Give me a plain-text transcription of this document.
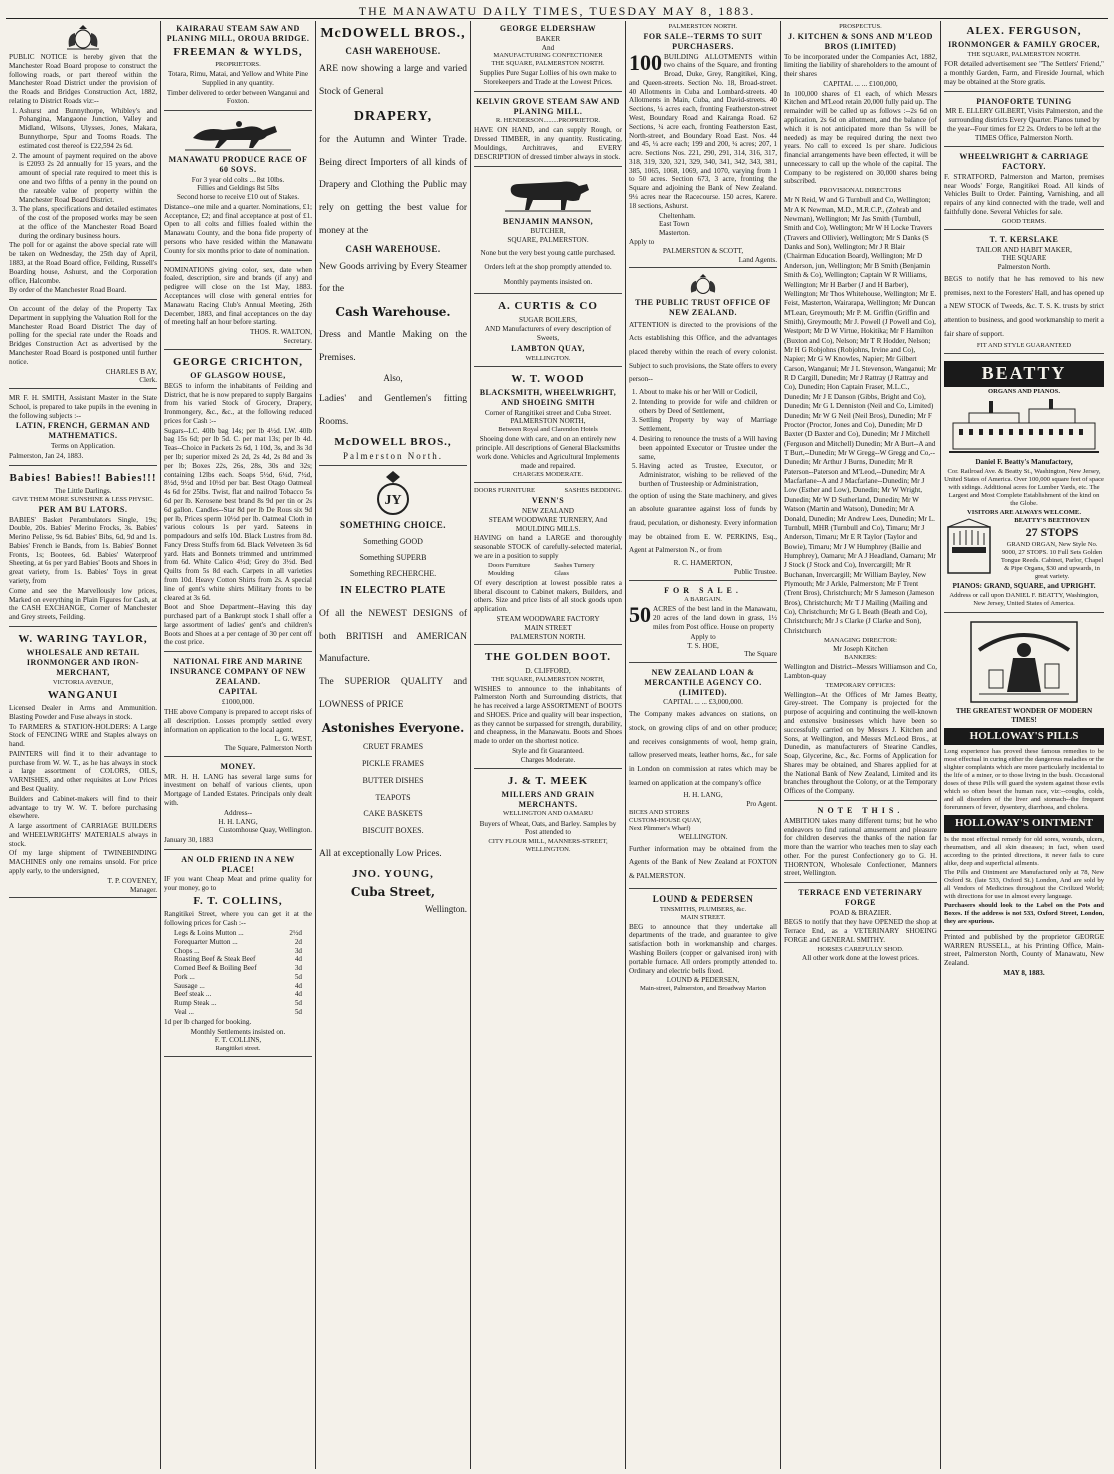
THE MANAWATU DAILY TIMES, TUESDAY MAY 8, 1883.

PUBLIC NOTICE is hereby given that the Manchester Road Board propose to construct the following roads, or part thereof within the Manchester Road District under the provision of the Roads and Bridges Construction Act, 1882, relating to District Roads viz:--

1. Ashurst and Bunnythorpe, Whibley's and Pohangina, Mangaone Junction, Valley and Midland, Wilsons, Ulysses, Jones, Makara, Bunnythorpe, Spur and Tooms Roads. The estimated cost thereof is £22,594 2s 6d.
2. The amount of payment required on the above is £2093 2s 2d annually for 15 years, and the amount of special rate required to meet this is one and two fifths of a penny in the pound on the rateable value of property within the Manchester Road Board District.
3. The plans, specifications and detailed estimates of the cost of the proposed works may be seen at the office of the Manchester Road Board during the ordinary business hours.

The poll for or against the above special rate will be taken on Wednesday, the 25th day of April, 1883, at the Road Board office, Feilding, Russell's Boarding house, Ashurst, and the Corporation office, Halcombe.

By order of the Manchester Road Board.

On account of the delay of the Property Tax Department in supplying the Valuation Roll for the Manchester Road Board District The day of polling for the special rate under the Roads and Bridges Construction Act as advertised by the Manchester Road Board is postponed until further notice.

CHARLES B AY,
Clerk.

MR F. H. SMITH, Assistant Master in the State School, is prepared to take pupils in the evening in the following subjects :--

LATIN, FRENCH, GERMAN AND MATHEMATICS.
Terms on Application.
Palmerston, Jan 24, 1883.
Babies! Babies!! Babies!!!
The Little Darlings.
GIVE THEM MORE SUNSHINE & LESS PHYSIC.
PER AM BU LATORS.

BABIES' Basket Perambulators Single, 19s; Double, 20s. Babies' Merino Frocks, 3s. Babies' Merino Pelisse, 9s 6d. Babies' Bibs, 6d, 9d and 1s. Babies' French ie Bands, from 1s. Babies' Bonnet Fronts, 1s; Bootees, 6d. Babies' Waterproof Sheeting, at 6s per yard Babies' Boots and Shoes in great variety, from 1s. Babies' Toys in great variety, from

Come and see the Marvellously low prices, Marked on everything in Plain Figures for Cash, at the CASH EXCHANGE, Corner of Manchester and Grey streets, Feilding.

W. WARING TAYLOR,
WHOLESALE AND RETAIL IRONMONGER AND IRON-MERCHANT,
VICTORIA AVENUE,
WANGANUI

Licensed Dealer in Arms and Ammunition. Blasting Powder and Fuse always in stock.

To FARMERS & STATION-HOLDERS: A Large Stock of FENCING WIRE and Staples always on hand.

PAINTERS will find it to their advantage to purchase from W. W. T., as he has always in stock a large assortment of COLORS, OILS, VARNISHES, and other requisites at Low Prices and Best Quality.

Builders and Cabinet-makers will find to their advantage to try W. W. T. before purchasing elsewhere.

A large assortment of CARRIAGE BUILDERS and WHEELWRIGHTS' MATERIALS always in stock.

Of my large shipment of TWINEBINDING MACHINES only one remains unsold. For price apply early, to the undersigned,

T. P. COVENEY,
Manager.
KAIRARAU STEAM SAW AND PLANING MILL, OROUA BRIDGE.
FREEMAN & WYLDS,
PROPRIETORS.

Totara, Rimu, Matai, and Yellow and White Pine Supplied in any quantity.

Timber delivered to order between Wanganui and Foxton.

MANAWATU PRODUCE RACE OF 60 SOVS.
For 3 year old colts ... 8st 10lbs.
Fillies and Geldings 8st 5lbs
Second horse to receive £10 out of Stakes.

Distance--one mile and a quarter. Nominations, £1; Acceptance, £2; and final acceptance at post of £1. Open to all colts and fillies foaled within the Manawatu County, and the bona fide property of persons who have resided within the Manawatu County for six months prior to date of nomination.

NOMINATIONS giving color, sex, date when foaled, description, sire and brands (if any) and pedigree will close on the 1st May, 1883. Acceptances will close with general entries for Manawatu Racing Club's Annual Meeting, 26th December, 1883, and final acceptances on the day of meeting half an hour before starting.

THOS. R. WALTON,
Secretary.
GEORGE CRICHTON,
OF GLASGOW HOUSE,

BEGS to inform the inhabitants of Feilding and District, that he is now prepared to supply Bargains from his varied Stock of Grocery, Drapery, Ironmongery, &c., &c., at the following reduced prices for Cash :--

Sugars--LC. 40lb bag 14s; per lb 4½d. LW. 40lb bag 15s 6d; per lb 5d. C. per mat 13s; per lb 4d. Teas--Choice in Packets 2s 6d, 1 10d, 3s, and 3s 3d per lb; superior mixed 2s 2d, 2s 4d, 2s 8d and 3s per lb; Boxes 22s, 26s, 28s, 30s and 32s; containing 12lbs each. Soaps 5½d, 6¼d, 7½d, 8½d, 9½d and 10½d per bar. Best Otago Oatmeal 4s 6d for 25lbs. Twist, flat and nailrod Tobacco 5s 6d per lb. Kerosene best brand 8s 9d per tin or 2s 6d gallon. Candles--Star 8d per lb De Rous six 9d per lb, Prices sperm 10½d per lb. Oatmeal Cloth in various colours 1s per yard. Sateens in pompadours and selfs 10d. Black Lustres from 8d. Fancy Dress Stuffs from 6d. Black Velveteen 3s 6d yard. Hats and Bonnets trimmed and untrimmed from 6d. White Calico 4½d; Grey do 3½d. Bed Quilts from 5s 8d each. Carpets in all varieties from 10d. Heavy Cotton Shirts from 2s. A special line of gent's white shirts Military fronts to be cleared at 3s 6d.

Boot and Shoe Department--Having this day purchased part of a Bankrupt stock I shall offer a large assortment of ladies' gent's and children's Boots and Shoes at a per centage of 30 per cent off the cost price.

NATIONAL FIRE AND MARINE INSURANCE COMPANY OF NEW ZEALAND.
CAPITAL
£1000,000.

THE above Company is prepared to accept risks of all description. Losses promptly settled every information on application to the local agent.

L. G. WEST,
The Square, Palmerston North
MONEY.

MR. H. H. LANG has several large sums for investment on behalf of various clients, upon Mortgage of Landed Estates. Principals only dealt with.

Address--
H. H. LANG,
Customhouse Quay, Wellington.
January 30, 1883
AN OLD FRIEND IN A NEW PLACE!

IF you want Cheap Meat and prime quality for your money, go to

F. T. COLLINS,

Rangitikei Street, where you can get it at the following prices for Cash :--

Legs & Loins Mutton ...	2½d
Forequarter Mutton ...	2d
Chops ...	3d
Roasting Beef & Steak Beef	4d
Corned Beef & Boiling Beef	3d
Pork ...	5d
Sausage ...	4d
Beef steak ...	4d
Rump Steak ...	5d
Veal ...	5d
1d per lb charged for booking.
Monthly Settlements insisted on.
F. T. COLLINS,
Rangitikei street.
McDOWELL BROS.,
CASH WAREHOUSE.

ARE now showing a large and varied Stock of General

DRAPERY,

for the Autumn and Winter Trade. Being direct Importers of all kinds of Drapery and Clothing the Public may rely on getting the best value for money at the

CASH WAREHOUSE.

New Goods arriving by Every Steamer for the

Cash Warehouse.

Dress and Mantle Making on the Premises.

Also,

Ladies' and Gentlemen's fitting Rooms.

McDOWELL BROS.,
Palmerston North.
JY
SOMETHING CHOICE.
Something GOOD
Something SUPERB
Something RECHERCHE.
IN ELECTRO PLATE

Of all the NEWEST DESIGNS of both BRITISH and AMERICAN Manufacture.

The SUPERIOR QUALITY and LOWNESS of PRICE

Astonishes Everyone.
CRUET FRAMES
PICKLE FRAMES
BUTTER DISHES
TEAPOTS
CAKE BASKETS
BISCUIT BOXES.

All at exceptionally Low Prices.

JNO. YOUNG,
Cuba Street,
Wellington.
GEORGE ELDERSHAW
BAKER
And
MANUFACTURING CONFECTIONER
THE SQUARE, PALMERSTON NORTH.

Supplies Pure Sugar Lollies of his own make to Storekeepers and Trade at the Lowest Prices.

KELVIN GROVE STEAM SAW AND PLANING MILL.
R. HENDERSON.........PROPRIETOR.

HAVE ON HAND, and can supply Rough, or Dressed TIMBER, in any quantity. Rusticating, Mouldings, Architraves, and EVERY DESCRIPTION of dressed timber always in stock.

BENJAMIN MANSON,
BUTCHER,
SQUARE, PALMERSTON.

None but the very best young cattle purchased. Orders left at the shop promptly attended to. Monthly payments insisted on.

A. CURTIS & CO
SUGAR BOILERS,

AND Manufacturers of every description of Sweets,

LAMBTON QUAY,
WELLINGTON.
W. T. WOOD
BLACKSMITH, WHEELWRIGHT, AND SHOEING SMITH
Corner of Rangitikei street and Cuba Street.
PALMERSTON NORTH,
Between Royal and Clarendon Hotels

Shoeing done with care, and on an entirely new principle. All descriptions of General Blacksmiths work done. Vehicles and Agricultural Implements made and repaired.

CHARGES MODERATE.
DOORS FURNITURE	SASHES BEDDING.
VENN'S
NEW ZEALAND
STEAM WOODWARE TURNERY, And MOULDING MILLS.

HAVING on hand a LARGE and thoroughly seasonable STOCK of carefully-selected material, we are in a position to supply

Doors Furniture Moulding
Sashes Turnery Glass

Of every description at lowest possible rates a liberal discount to Cabinet makers, Builders, and others. Size and price lists of all stock goods upon application.

STEAM WOODWARE FACTORY
MAIN STREET
PALMERSTON NORTH.
THE GOLDEN BOOT.
D. CLIFFORD,
THE SQUARE, PALMERSTON NORTH,

WISHES to announce to the inhabitants of Palmerston North and Surrounding districts, that he has received a large ASSORTMENT of BOOTS and SHOES. Price and quality will bear inspection, as they cannot be surpassed for strength, durability, and cheapness, in the Manawatu. Boots and Shoes made to order on the shortest notice.

Style and fit Guaranteed.
Charges Moderate.
J. & T. MEEK
MILLERS AND GRAIN MERCHANTS.
WELLINGTON AND OAMARU

Buyers of Wheat, Oats, and Barley. Samples by Post attended to

CITY FLOUR MILL, MANNERS-STREET, WELLINGTON.
PALMERSTON NORTH.
FOR SALE--TERMS TO SUIT PURCHASERS.
100 BUILDING ALLOTMENTS within two chains of the Square, and fronting Broad, Duke, Grey, Rangitikei, King, and Queen-streets. Section No. 18, Broad-street. 40 Allotments in Cuba and Lombard-streets. 40 Allotments in Main, Cuba, and David-streets. 40 Sections, ¼ acres each, fronting Featherston-street West, Boundary Road and Kairanga Road. 62 Sections, ¼ acre each, fronting Featherston East, North-street, and Boundary Road East. Nos. 44 and 45, ¼ acre each; 199 and 200, ¼ acres; 207, 1 acre. Sections Nos. 221, 290, 291, 314, 316, 317, 318, 319, 320, 321, 329, 340, 341, 342, 343, 381, 385, 1065, 1068, 1069, and 1070, varying from 1 to 50 acres. Section 673, 3 acre, fronting the Square and adjoining the Bank of New Zealand. 9¼ acres near the Racecourse. 150 acres, Karere. 18 sections, Ashurst.

Cheltenham.
East Town
Masterton.
Apply to
PALMERSTON & SCOTT,
Land Agents.
THE PUBLIC TRUST OFFICE OF NEW ZEALAND.

ATTENTION is directed to the provisions of the Acts establishing this Office, and the advantages placed thereby within the reach of every colonist. Subject to such provisions, the State offers to every person--

1. About to make his or her Will or Codicil,
2. Intending to provide for wife and children or others by Deed of Settlement,
3. Settling Property by way of Marriage Settlement,
4. Desiring to renounce the trusts of a Will having been appointed Executor or Trustee under the same,
5. Having acted as Trustee, Executor, or Administrator, wishing to be relieved of the burthen of Trusteeship or Administration,

the option of using the State machinery, and gives an absolute guarantee against loss of funds by fraud, peculation, or dishonesty. Every information may be obtained from E. W. PERKINS, Esq., Agent at Palmerston N., or from

R. C. HAMERTON,
Public Trustee.
FOR SALE.
A BARGAIN.
50 ACRES of the best land in the Manawatu, 20 acres of the land down in grass, 1½ miles from Post office. House on property

Apply to
T. S. HOE,
The Square
NEW ZEALAND LOAN & MERCANTILE AGENCY CO. (LIMITED).
CAPITAL ... ... £3,000,000.

The Company makes advances on stations, on stock, on growing clips of and on other produce; and receives consignments of wool, hemp grain, tallow preserved meats, leather horns, &c., for sale in London on commission at rates which may be learned on application at the company's office

H. H. LANG,
Pro Agent.
BICES AND STORES
CUSTOM-HOUSE QUAY,
Next Plimmer's Wharf)
WELLINGTON.

Further information may be obtained from the Agents of the Bank of New Zealand at FOXTON & PALMERSTON.

LOUND & PEDERSEN
TINSMITHS, PLUMBERS, &c.
MAIN STREET.

BEG to announce that they undertake all departments of the trade, and guarantee to give satisfaction both in workmanship and charges. Washing Boilers (copper or galvanised iron) with portable furnace. All orders promptly attended to. Ordinary and electric bells fixed.

LOUND & PEDERSEN,
Main-street, Palmerston, and Broadway Marton
PROSPECTUS.
J. KITCHEN & SONS AND M'LEOD BROS (LIMITED)

To be incorporated under the Companies Act, 1882, limiting the liability of shareholders to the amount of their shares

CAPITAL ... ... £100,000,

In 100,000 shares of £1 each, of which Messrs Kitchen and M'Leod retain 20,000 fully paid up. The remainder will be called up as follows :--2s 6d on application, 2s 6d on allotment, and the balance (of which it is not anticipated more than 5s will be needed) as may be required during the next two years. No call to exceed 1s per share. Judicious financial arrangements have been effected, it will be unnecessary to call up the whole of the capital. The Company to be registered on 30,000 shares being subscribed.

PROVISIONAL DIRECTORS

Mr N Reid, W and G Turnbull and Co, Wellington; Mr A K Newman, M.D., M.R.C.P., (Zohrab and Newman), Wellington; Mr Jas Smith (Turnbull, Smith and Co), Wellington; Mr W H Locke Travers (Travers and Ollivier), Wellington; Mr S Danks (S Danks and Son), Wellington; Mr J R Blair (Chairman Education Board), Wellington; Mr D Anderson, jun, Wellington; Mr B Smith (Benjamin Smith & Co), Wellington; Captain W R Williams, Wellington; Mr H Barber (J and H Barber), Wellington; Mr Thos Whitehouse, Wellington; Mr E. Feist, Masterton, Wairarapa, Wellington; Mr Duncan M'Lean, Greymouth; Mr P. M. Griffin (Griffin and Smith), Greymouth; Mr J. Powell (J Powell and Co), Westport; Mr D W Virtue, Hokitika; Mr F Hamilton (Buxton and Co), Nelson; Mr T R Hodder, Nelson; Mr H G Robjohns (Robjohns, Irvine and Co), Napier; Mr G W Knowles, Napier; Mr Gilbert Carson, Wanganui; Mr J L Stevenson, Wanganui; Mr R D Cargill, Dunedin; Mr J Rattray (J Rattray and Co), Dunedin; Hon Captain Fraser, M.L.C., Dunedin; Mr J E Danson (Gibbs, Bright and Co), Dunedin; Mr G L Denniston (Neil and Co, Limited) Dunedin; Mr W G Neil (Neil Bros), Dunedin; Mr F Proctor (Proctor, Jones and Co), Dunedin; Mr D Baxter (D Baxter and Co), Dunedin; Mr J Mitchell (Ferguson and Mitchell) Dunedin; Mr A Burt--A and T Burt,--Dunedin; Mr W Gregg--W Gregg and Co,--Dunedin; Mr Arthur J Burns, Dunedin; Mr R Paterson--Paterson and M'Leod,--Dunedin; Mr A Macfarlane--A and J Macfarlane--Dunedin; Mr J Low (Esther and Low), Dunedin; Mr W Wright, Dunedin; Mr W D Sutherland, Dunedin; Mr W Watson (Martin and Watson), Dunedin; Mr A Donald, Dunedin; Mr Andrew Lees, Dunedin; Mr L. Turnbull, MHR (Turnbull and Co), Timaru; Mr J Anderson, Timaru; Mr E R Taylor (Taylor and Bowie), Timaru; Mr J W Humphrey (Bailie and Humphrey), Oamaru; Mr A J Headland, Oamaru; Mr J Stock (J Stock and Co), Invercargill; Mr R Buchanan, Invercargill; Mr William Bayley, New Plymouth; Mr J Arkle, Palmerston; Mr F Trent (Trent Bros), Christchurch; Mr S Jameson (Jameson Bros), Christchurch; Mr T J Mailing (Mailing and Co), Christchurch; Mr G L Beath (Beath and Co), Christchurch; Mr J s Clarke (J Clarke and Son), Christchurch

MANAGING DIRECTOR:
Mr Joseph Kitchen
BANKERS:

Wellington and District--Messrs Williamson and Co, Lambton-quay

TEMPORARY OFFICES:

Wellington--At the Offices of Mr James Beatty, Grey-street. The Company is projected for the purpose of acquiring and continuing the well-known and extensive businesses which have been so successfully carried on by Messrs J. Kitchen and Sons, at Wellington, and Messrs McLeod Bros., at Dunedin, as manufacturers of Stearine Candles, Soap, Glycerine, &c., &c. Forms of Application for Shares may be obtained, and Shares applied for at the National Bank of New Zealand, Limited and its branches throughout the Colony, or at the Temporary Offices of the Company.

NOTE THIS.

AMBITION takes many different turns; but he who endeavors to find rational amusement and pleasure for children deserves the thanks of the nation far more than the warrior who teaches men to slay each other. For the purest Confectionery go to G. H. THORNTON, Wholesale Confectioner, Manners street, Wellington.

TERRACE END VETERINARY FORGE
POAD & BRAZIER.

BEGS to notify that they have OPENED the shop at Terrace End, as a VETERINARY SHOEING FORGE and GENERAL SMITHY.

HORSES CAREFULLY SHOD.
All other work done at the lowest prices.
ALEX. FERGUSON,
IRONMONGER & FAMILY GROCER,
THE SQUARE, PALMERSTON NORTH.

FOR detailed advertisement see "The Settlers' Friend," a monthly Garden, Farm, and Fireside Journal, which may be obtained at the Store gratis.

PIANOFORTE TUNING

MR E. ELLERY GILBERT, Visits Palmerston, and the surrounding districts Every Quarter. Pianos tuned by the year--Four times for £2 2s. Orders to be left at the TIMES Office, Palmerston North.

WHEELWRIGHT & CARRIAGE FACTORY.

F. STRATFORD, Palmerston and Marton, premises near Woods' Forge, Rangitikei Road. All kinds of Vehicles Built to Order. Painting, Varnishing, and all repairs of any kind connected with the trade, well and faithfully done. Several Vehicles for sale.

GOOD TERMS.
T. T. KERSLAKE
TAILOR AND HABIT MAKER,
THE SQUARE
Palmerston North.

BEGS to notify that he has removed to his new premises, next to the Foresters' Hall, and has opened up a NEW STOCK of Tweeds, &c. T. S. K. trusts by strict attention to business, and good workmanship to merit a fair share of support.

FIT AND STYLE GUARANTEED
BEATTY
ORGANS AND PIANOS.
Daniel F. Beatty's Manufactory,

Cor. Railroad Ave. & Beatty St., Washington, New Jersey, United States of America. Over 100,000 square feet of space with sidings. Additional acres for Lumber Yards, etc. The Largest and Most Complete Establishment of the kind on the Globe.

VISITORS ARE ALWAYS WELCOME.
BEATTY'S BEETHOVEN
27 STOPS

GRAND ORGAN, New Style No. 9000, 27 STOPS. 10 Full Sets Golden Tongue Reeds. Cabinet, Parlor, Chapel & Pipe Organs, $30 and upwards, in great variety.

PIANOS: GRAND, SQUARE, and UPRIGHT.

Address or call upon DANIEL F. BEATTY, Washington, New Jersey, United States of America.

THE GREATEST WONDER OF MODERN TIMES!
HOLLOWAY'S PILLS

Long experience has proved these famous remedies to be most effectual in curing either the dangerous maladies or the slighter complaints which are more particularly incidental to the life of a miner, or to those living in the bush. Occasional doses of these Pills will guard the system against those evils which so often beset the human race, viz:--coughs, colds, and all disorders of the liver and stomach--the frequent forerunners of fever, dysentery, diarrhoea, and cholera.

HOLLOWAY'S OINTMENT

Is the most effectual remedy for old sores, wounds, ulcers, rheumatism, and all skin diseases; in fact, when used according to the printed directions, it never fails to cure alike, deep and superficial ailments.

The Pills and Ointment are Manufactured only at 78, New Oxford St. (late 533, Oxford St.) London, And are sold by all Vendors of Medicines throughout the Civilized World; with directions for use in almost every language.

Purchasers should look to the Label on the Pots and Boxes. If the address is not 533, Oxford Street, London, they are spurious.

Printed and published by the proprietor GEORGE WARREN RUSSELL, at his Printing Office, Main-street, Palmerston North, County of Manawatu, New Zealand.

MAY 8, 1883.
